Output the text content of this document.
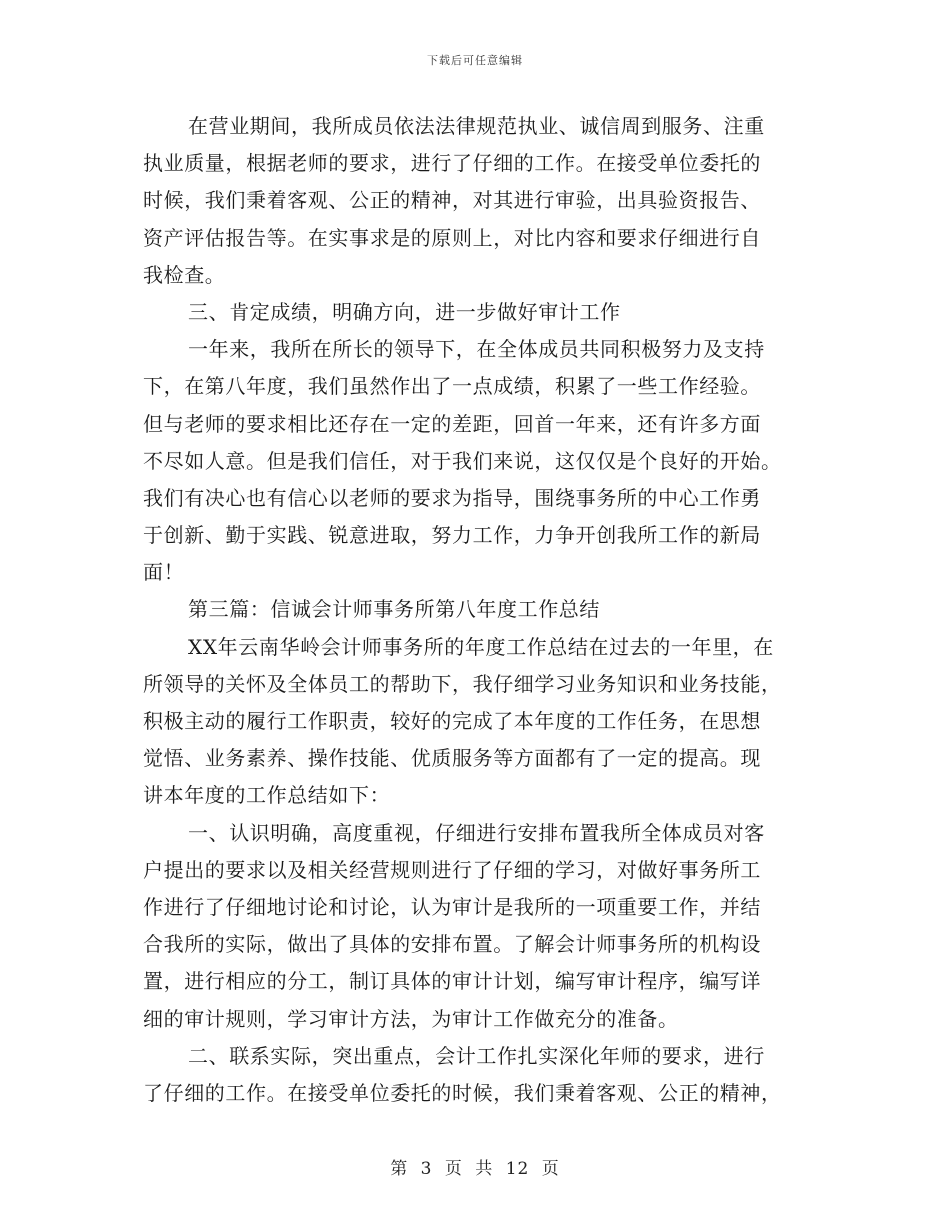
下载后可任意编辑
在营业期间，我所成员依法法律规范执业、诚信周到服务、注重
执业质量，根据老师的要求，进行了仔细的工作。在接受单位委托的
时候，我们秉着客观、公正的精神，对其进行审验，出具验资报告、
资产评估报告等。在实事求是的原则上，对比内容和要求仔细进行自
我检查。
三、肯定成绩，明确方向，进一步做好审计工作
一年来，我所在所长的领导下，在全体成员共同积极努力及支持
下，在第八年度，我们虽然作出了一点成绩，积累了一些工作经验。
但与老师的要求相比还存在一定的差距，回首一年来，还有许多方面
不尽如人意。但是我们信任，对于我们来说，这仅仅是个良好的开始。
我们有决心也有信心以老师的要求为指导，围绕事务所的中心工作勇
于创新、勤于实践、锐意进取，努力工作，力争开创我所工作的新局
面！
第三篇：信诚会计师事务所第八年度工作总结
XX年云南华岭会计师事务所的年度工作总结在过去的一年里，在
所领导的关怀及全体员工的帮助下，我仔细学习业务知识和业务技能，
积极主动的履行工作职责，较好的完成了本年度的工作任务，在思想
觉悟、业务素养、操作技能、优质服务等方面都有了一定的提高。现
讲本年度的工作总结如下：
一、认识明确，高度重视，仔细进行安排布置我所全体成员对客
户提出的要求以及相关经营规则进行了仔细的学习，对做好事务所工
作进行了仔细地讨论和讨论，认为审计是我所的一项重要工作，并结
合我所的实际，做出了具体的安排布置。了解会计师事务所的机构设
置，进行相应的分工，制订具体的审计计划，编写审计程序，编写详
细的审计规则，学习审计方法，为审计工作做充分的准备。
二、联系实际，突出重点，会计工作扎实深化年师的要求，进行
了仔细的工作。在接受单位委托的时候，我们秉着客观、公正的精神，
第 3 页 共 12 页
